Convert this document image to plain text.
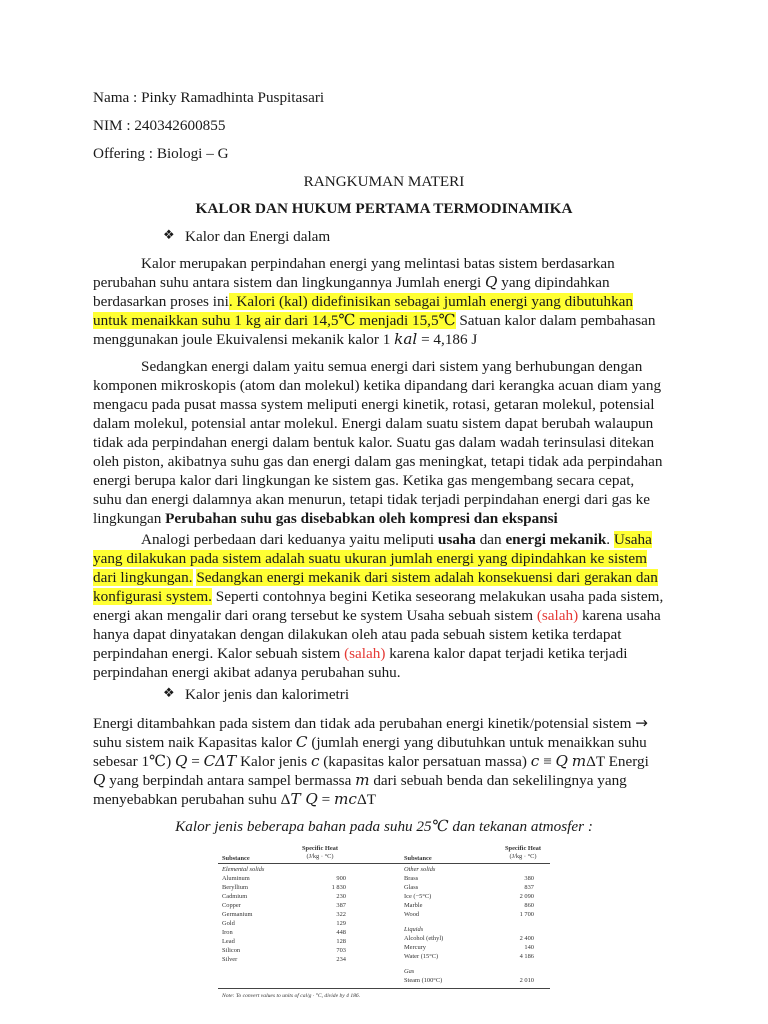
Nama : Pinky Ramadhinta Puspitasari
NIM : 240342600855
Offering : Biologi – G
RANGKUMAN MATERI
KALOR DAN HUKUM PERTAMA TERMODINAMIKA
❖ Kalor dan Energi dalam
Kalor merupakan perpindahan energi yang melintasi batas sistem berdasarkan
perubahan suhu antara sistem dan lingkungannya Jumlah energi Q yang dipindahkan
berdasarkan proses ini. Kalori (kal) didefinisikan sebagai jumlah energi yang dibutuhkan
untuk menaikkan suhu 1 kg air dari 14,5℃ menjadi 15,5℃ Satuan kalor dalam pembahasan
menggunakan joule Ekuivalensi mekanik kalor 1 kal = 4,186 J
Sedangkan energi dalam yaitu semua energi dari sistem yang berhubungan dengan
komponen mikroskopis (atom dan molekul) ketika dipandang dari kerangka acuan diam yang
mengacu pada pusat massa system meliputi energi kinetik, rotasi, getaran molekul, potensial
dalam molekul, potensial antar molekul. Energi dalam suatu sistem dapat berubah walaupun
tidak ada perpindahan energi dalam bentuk kalor. Suatu gas dalam wadah terinsulasi ditekan
oleh piston, akibatnya suhu gas dan energi dalam gas meningkat, tetapi tidak ada perpindahan
energi berupa kalor dari lingkungan ke sistem gas. Ketika gas mengembang secara cepat,
suhu dan energi dalamnya akan menurun, tetapi tidak terjadi perpindahan energi dari gas ke
lingkungan Perubahan suhu gas disebabkan oleh kompresi dan ekspansi
Analogi perbedaan dari keduanya yaitu meliputi usaha dan energi mekanik. Usaha
yang dilakukan pada sistem adalah suatu ukuran jumlah energi yang dipindahkan ke sistem
dari lingkungan. Sedangkan energi mekanik dari sistem adalah konsekuensi dari gerakan dan
konfigurasi system. Seperti contohnya begini Ketika seseorang melakukan usaha pada sistem,
energi akan mengalir dari orang tersebut ke system Usaha sebuah sistem (salah) karena usaha
hanya dapat dinyatakan dengan dilakukan oleh atau pada sebuah sistem ketika terdapat
perpindahan energi. Kalor sebuah sistem (salah) karena kalor dapat terjadi ketika terjadi
perpindahan energi akibat adanya perubahan suhu.
❖ Kalor jenis dan kalorimetri
Energi ditambahkan pada sistem dan tidak ada perubahan energi kinetik/potensial sistem →
suhu sistem naik Kapasitas kalor C (jumlah energi yang dibutuhkan untuk menaikkan suhu
sebesar 1℃) Q = CΔT Kalor jenis c (kapasitas kalor persatuan massa) c ≡ Q mΔT Energi
Q yang berpindah antara sampel bermassa m dari sebuah benda dan sekelilingnya yang
menyebabkan perubahan suhu ΔT Q = mcΔT
Kalor jenis beberapa bahan pada suhu 25℃ dan tekanan atmosfer :
Specific Heat
(J/kg · °C)
Substance
Specific Heat
(J/kg · °C)
Substance
Elemental solids
Aluminum	900
Beryllium	1 830
Cadmium	230
Copper	387
Germanium	322
Gold	129
Iron	448
Lead	128
Silicon	703
Silver	234
Other solids
Brass	380
Glass	837
Ice (−5°C)	2 090
Marble	860
Wood	1 700
Liquids
Alcohol (ethyl)	2 400
Mercury	140
Water (15°C)	4 186
Gas
Steam (100°C)	2 010
Note: To convert values to units of cal/g · °C, divide by 4 186.
